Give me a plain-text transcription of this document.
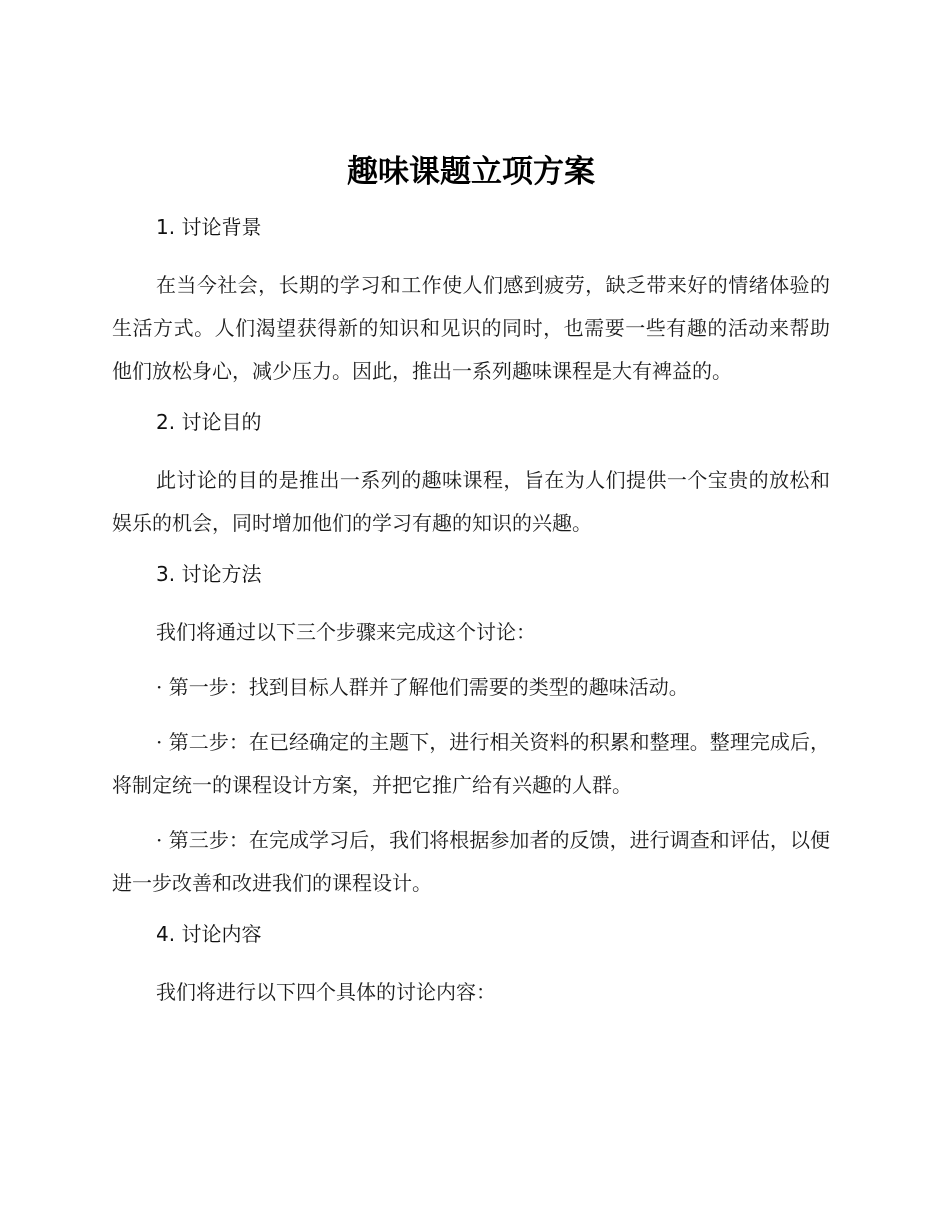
趣味课题立项方案
1. 讨论背景

在当今社会，长期的学习和工作使人们感到疲劳，缺乏带来好的情绪体验的生活方式。人们渴望获得新的知识和见识的同时，也需要一些有趣的活动来帮助他们放松身心，减少压力。因此，推出一系列趣味课程是大有裨益的。

2. 讨论目的

此讨论的目的是推出一系列的趣味课程，旨在为人们提供一个宝贵的放松和娱乐的机会，同时增加他们的学习有趣的知识的兴趣。

3. 讨论方法

我们将通过以下三个步骤来完成这个讨论：

· 第一步：找到目标人群并了解他们需要的类型的趣味活动。

· 第二步：在已经确定的主题下，进行相关资料的积累和整理。整理完成后，将制定统一的课程设计方案，并把它推广给有兴趣的人群。

· 第三步：在完成学习后，我们将根据参加者的反馈，进行调查和评估，以便进一步改善和改进我们的课程设计。

4. 讨论内容

我们将进行以下四个具体的讨论内容：
